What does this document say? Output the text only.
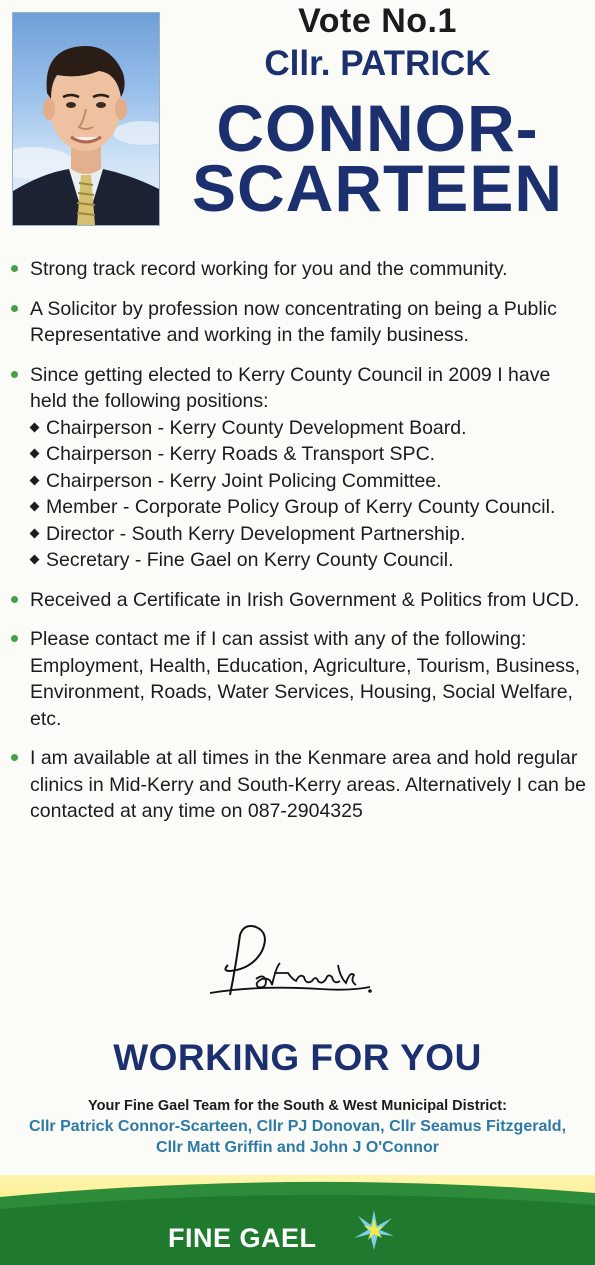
Vote No.1
Cllr. PATRICK
CONNOR-
SCARTEEN
Strong track record working for you and the community.
A Solicitor by profession now concentrating on being a Public Representative and working in the family business.
Since getting elected to Kerry County Council in 2009 I have held the following positions:
Chairperson - Kerry County Development Board.
Chairperson - Kerry Roads & Transport SPC.
Chairperson - Kerry Joint Policing Committee.
Member - Corporate Policy Group of Kerry County Council.
Director - South Kerry Development Partnership.
Secretary - Fine Gael on Kerry County Council.
Received a Certificate in Irish Government & Politics from UCD.
Please contact me if I can assist with any of the following: Employment, Health, Education, Agriculture, Tourism, Business, Environment, Roads, Water Services, Housing, Social Welfare, etc.
I am available at all times in the Kenmare area and hold regular clinics in Mid-Kerry and South-Kerry areas. Alternatively I can be contacted at any time on 087-2904325
WORKING FOR YOU
Your Fine Gael Team for the South & West Municipal District:
Cllr Patrick Connor-Scarteen, Cllr PJ Donovan, Cllr Seamus Fitzgerald,
Cllr Matt Griffin and John J O'Connor
FINE GAEL
